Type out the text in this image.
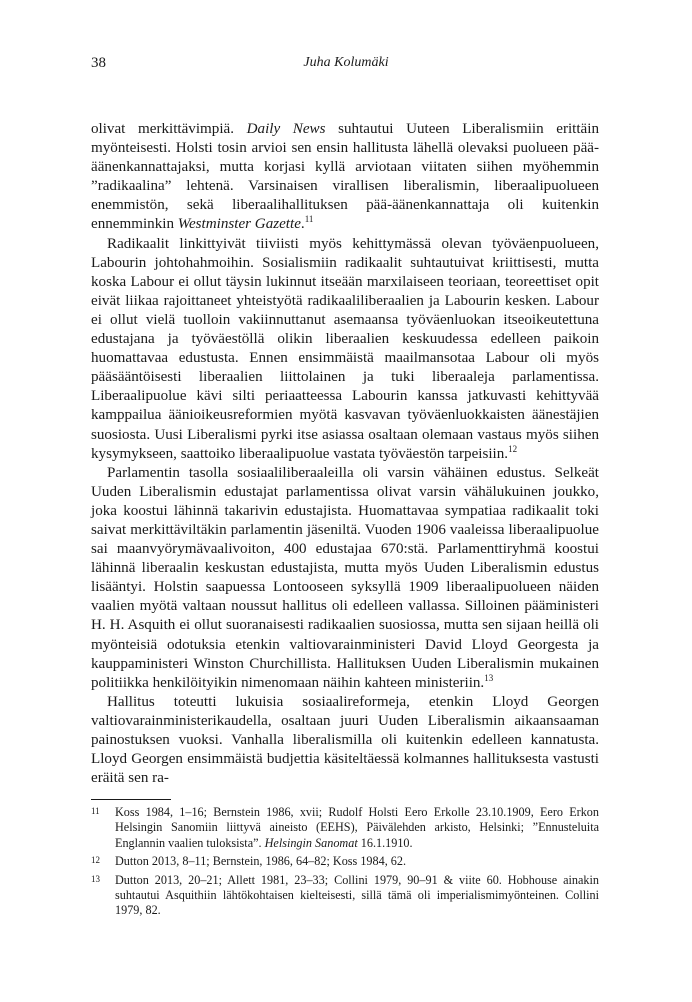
38	Juha Kolumäki

olivat merkittävimpiä. Daily News suhtautui Uuteen Liberalismiin erittäin myönteisesti. Holsti tosin arvioi sen ensin hallitusta lähellä olevaksi puolueen pää-äänenkannattajaksi, mutta korjasi kyllä arviotaan viitaten siihen myöhemmin ”radikaalina” lehtenä. Varsinaisen virallisen liberalismin, liberaalipuolueen enemmistön, sekä liberaalihallituksen pää-äänenkannattaja oli kuitenkin ennemminkin Westminster Gazette.$^{11}$

Radikaalit linkittyivät tiiviisti myös kehittymässä olevan työväenpuolueen, Labourin johtohahmoihin. Sosialismiin radikaalit suhtautuivat kriittisesti, mutta koska Labour ei ollut täysin lukinnut itseään marxilaiseen teoriaan, teoreettiset opit eivät liikaa rajoittaneet yhteistyötä radikaaliliberaalien ja Labourin kesken. Labour ei ollut vielä tuolloin vakiinnuttanut asemaansa työväenluokan itseoikeutettuna edustajana ja työväestöllä olikin liberaalien keskuudessa edelleen paikoin huomattavaa edustusta. Ennen ensimmäistä maailmansotaa Labour oli myös pääsääntöisesti liberaalien liittolainen ja tuki liberaaleja parlamentissa. Liberaalipuolue kävi silti periaatteessa Labourin kanssa jatkuvasti kehittyvää kamppailua äänioikeusreformien myötä kasvavan työväenluokkaisten äänestäjien suosiosta. Uusi Liberalismi pyrki itse asiassa osaltaan olemaan vastaus myös siihen kysymykseen, saattoiko liberaalipuolue vastata työväestön tarpeisiin.$^{12}$

Parlamentin tasolla sosiaaliliberaaleilla oli varsin vähäinen edustus. Selkeät Uuden Liberalismin edustajat parlamentissa olivat varsin vähälukuinen joukko, joka koostui lähinnä takarivin edustajista. Huomattavaa sympatiaa radikaalit toki saivat merkittäviltäkin parlamentin jäseniltä. Vuoden 1906 vaaleissa liberaalipuolue sai maanvyörymävaalivoiton, 400 edustajaa 670:stä. Parlamenttiryhmä koostui lähinnä liberaalin keskustan edustajista, mutta myös Uuden Liberalismin edustus lisääntyi. Holstin saapuessa Lontooseen syksyllä 1909 liberaalipuolueen näiden vaalien myötä valtaan noussut hallitus oli edelleen vallassa. Silloinen pääministeri H. H. Asquith ei ollut suoranaisesti radikaalien suosiossa, mutta sen sijaan heillä oli myönteisiä odotuksia etenkin valtiovarainministeri David Lloyd Georgesta ja kauppaministeri Winston Churchillista. Hallituksen Uuden Liberalismin mukainen politiikka henkilöityikin nimenomaan näihin kahteen ministeriin.$^{13}$

Hallitus toteutti lukuisia sosiaalireformeja, etenkin Lloyd Georgen valtiovarainministerikaudella, osaltaan juuri Uuden Liberalismin aikaansaaman painostuksen vuoksi. Vanhalla liberalismilla oli kuitenkin edelleen kannatusta. Lloyd Georgen ensimmäistä budjettia käsiteltäessä kolmannes hallituksesta vastusti eräitä sen ra-

11 Koss 1984, 1–16; Bernstein 1986, xvii; Rudolf Holsti Eero Erkolle 23.10.1909, Eero Erkon Helsingin Sanomiin liittyvä aineisto (EEHS), Päivälehden arkisto, Helsinki; ”Ennusteluita Englannin vaalien tuloksista”. Helsingin Sanomat 16.1.1910.
12 Dutton 2013, 8–11; Bernstein, 1986, 64–82; Koss 1984, 62.
13 Dutton 2013, 20–21; Allett 1981, 23–33; Collini 1979, 90–91 & viite 60. Hobhouse ainakin suhtautui Asquithiin lähtökohtaisen kielteisesti, sillä tämä oli imperialismimyönteinen. Collini 1979, 82.
